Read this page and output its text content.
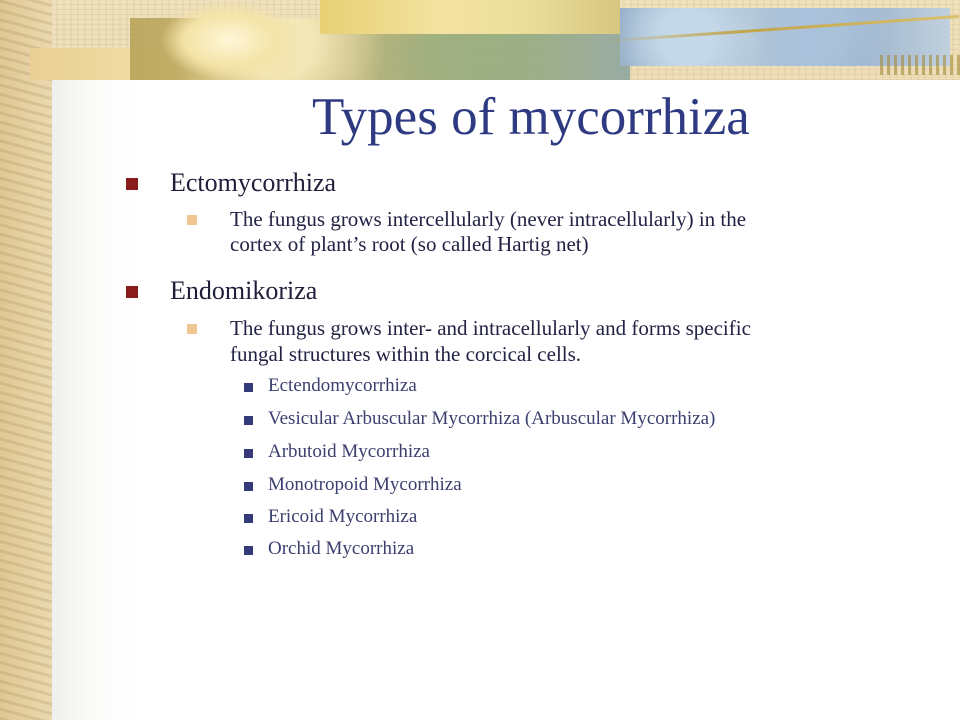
Types of mycorrhiza
Ectomycorrhiza
The fungus grows intercellularly (never intracellularly) in the
cortex of plant’s root (so called Hartig net)
Endomikoriza
The fungus grows inter- and intracellularly and forms specific
fungal structures within the corcical cells.
Ectendomycorrhiza
Vesicular Arbuscular Mycorrhiza (Arbuscular Mycorrhiza)
Arbutoid Mycorrhiza
Monotropoid Mycorrhiza
Ericoid Mycorrhiza
Orchid Mycorrhiza
